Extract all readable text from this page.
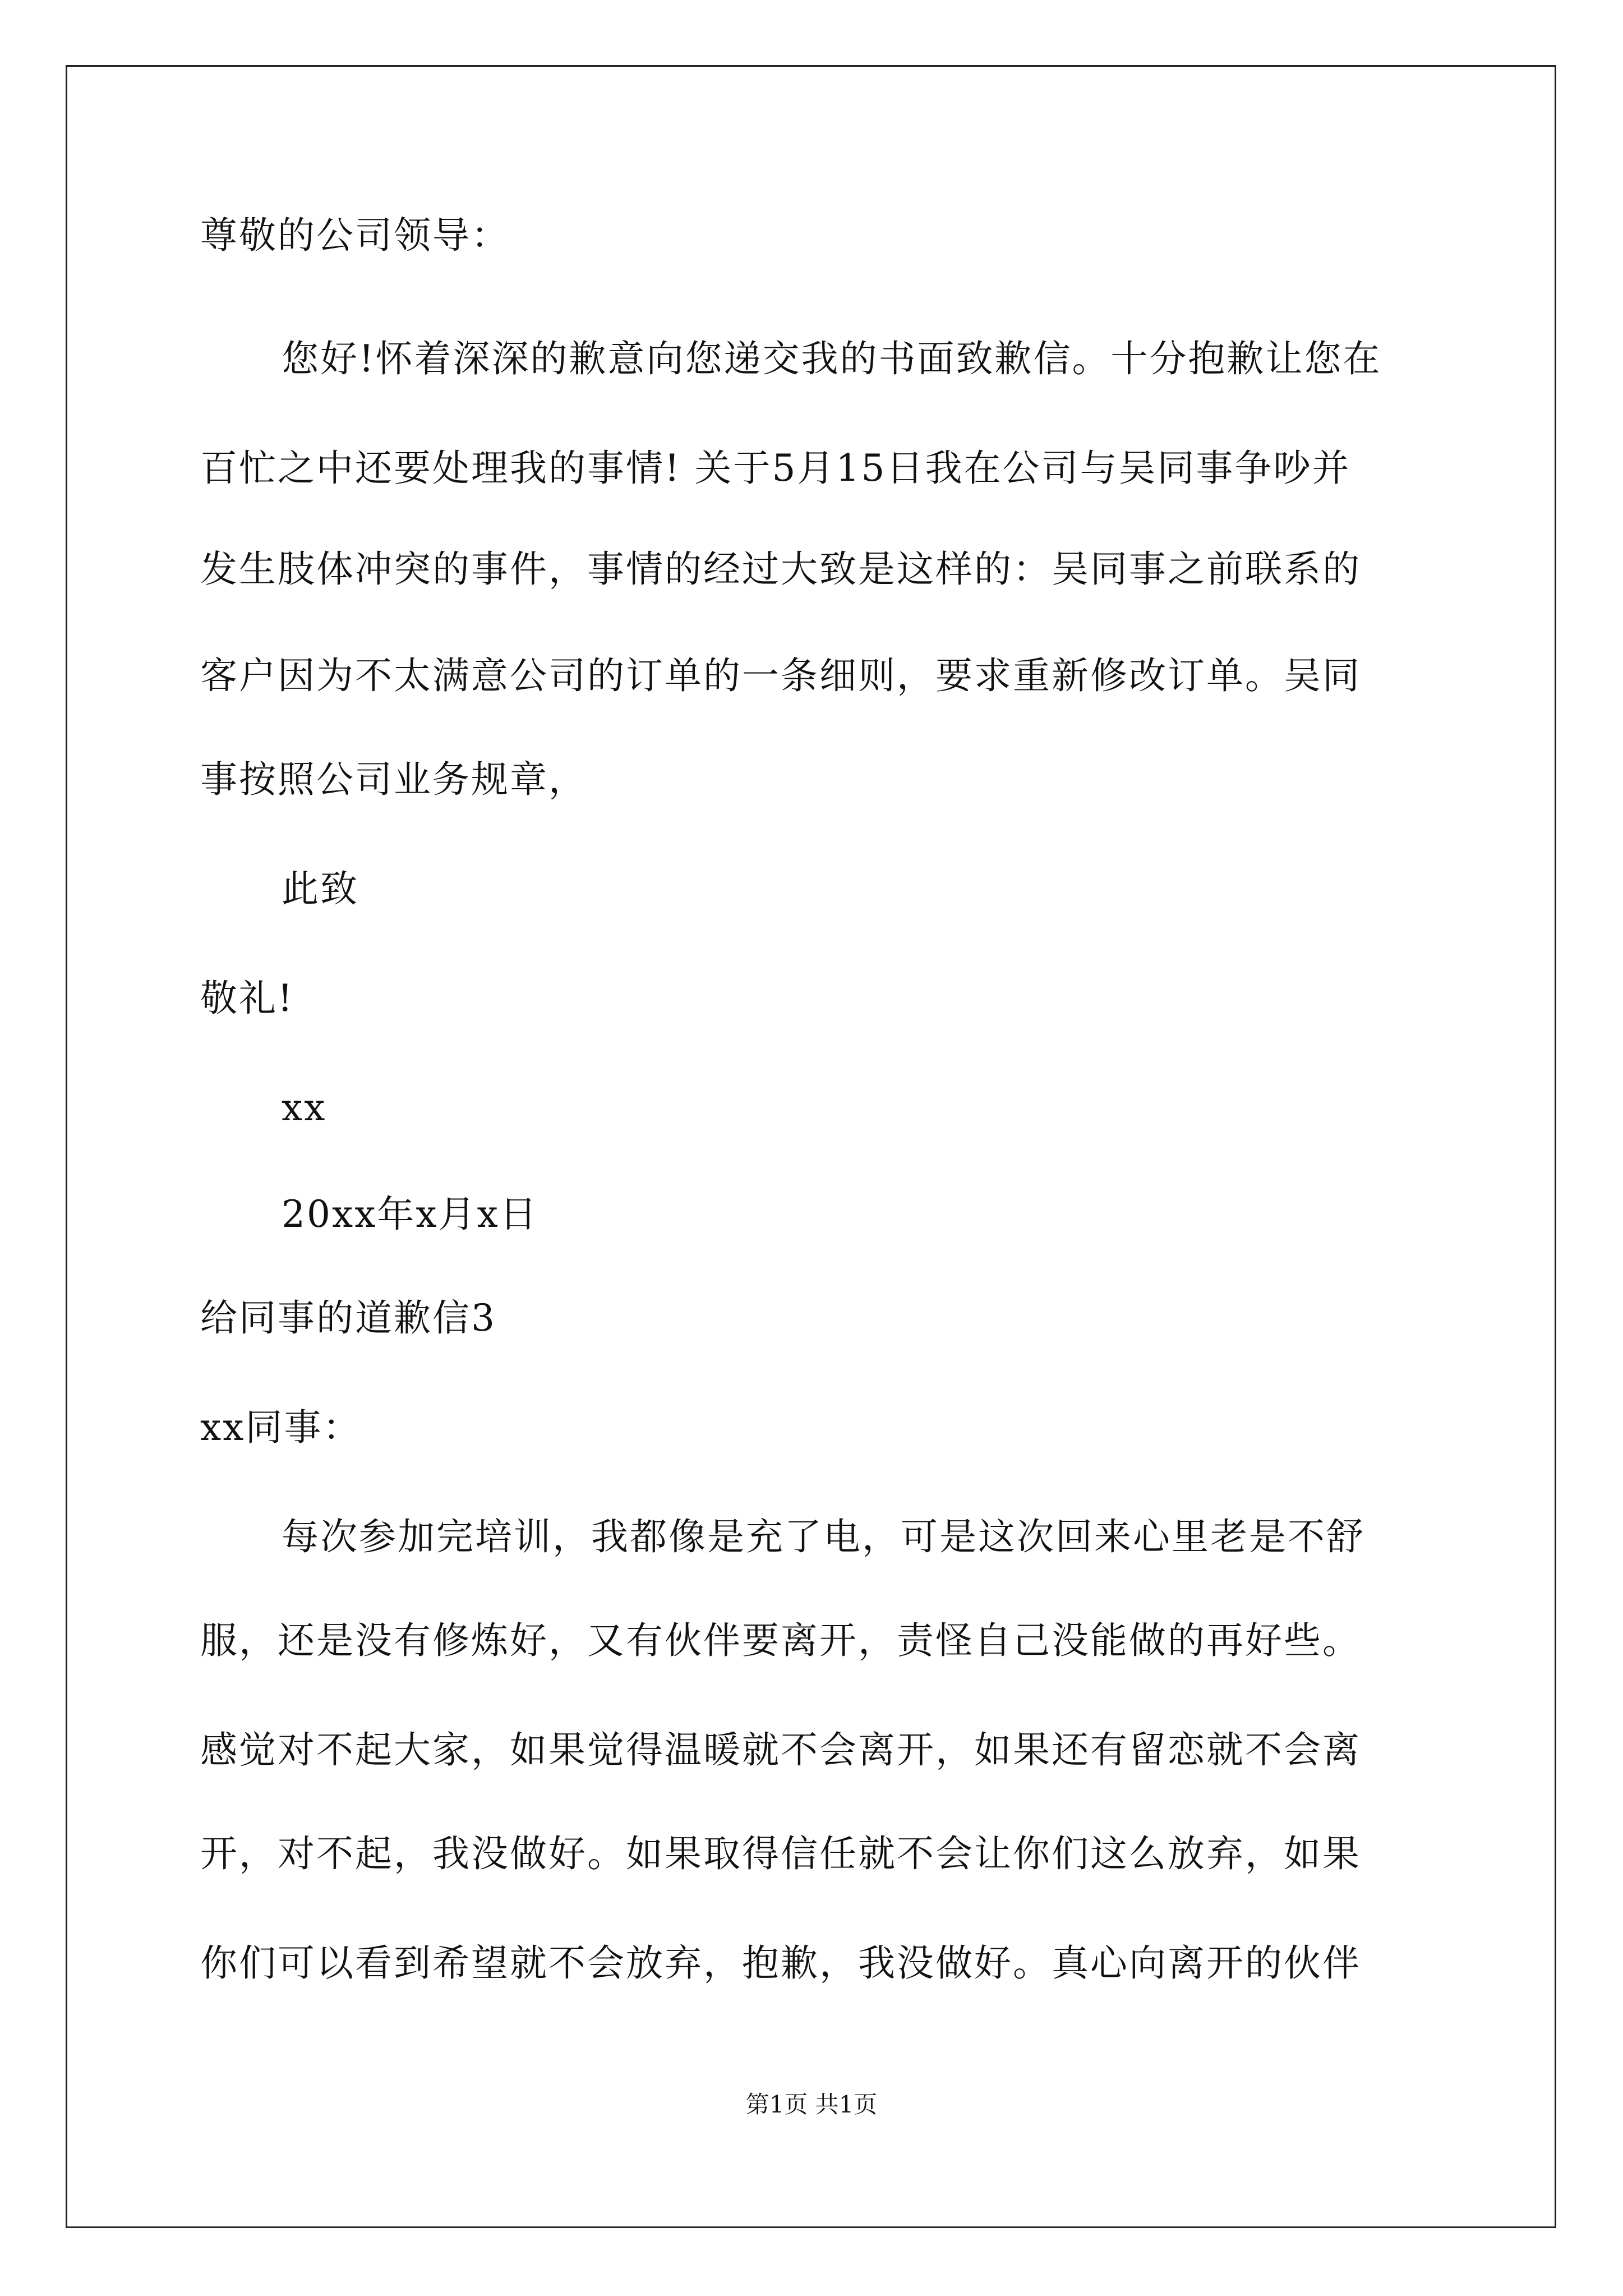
尊敬的公司领导：

您好!怀着深深的歉意向您递交我的书面致歉信。十分抱歉让您在

百忙之中还要处理我的事情! 关于5月15日我在公司与吴同事争吵并

发生肢体冲突的事件，事情的经过大致是这样的：吴同事之前联系的

客户因为不太满意公司的订单的一条细则，要求重新修改订单。吴同

事按照公司业务规章，

此致

敬礼!

xx

20xx年x月x日

给同事的道歉信3

xx同事：

每次参加完培训，我都像是充了电，可是这次回来心里老是不舒

服，还是没有修炼好，又有伙伴要离开，责怪自己没能做的再好些。

感觉对不起大家，如果觉得温暖就不会离开，如果还有留恋就不会离

开，对不起，我没做好。如果取得信任就不会让你们这么放弃，如果

你们可以看到希望就不会放弃，抱歉，我没做好。真心向离开的伙伴

第1页 共1页
